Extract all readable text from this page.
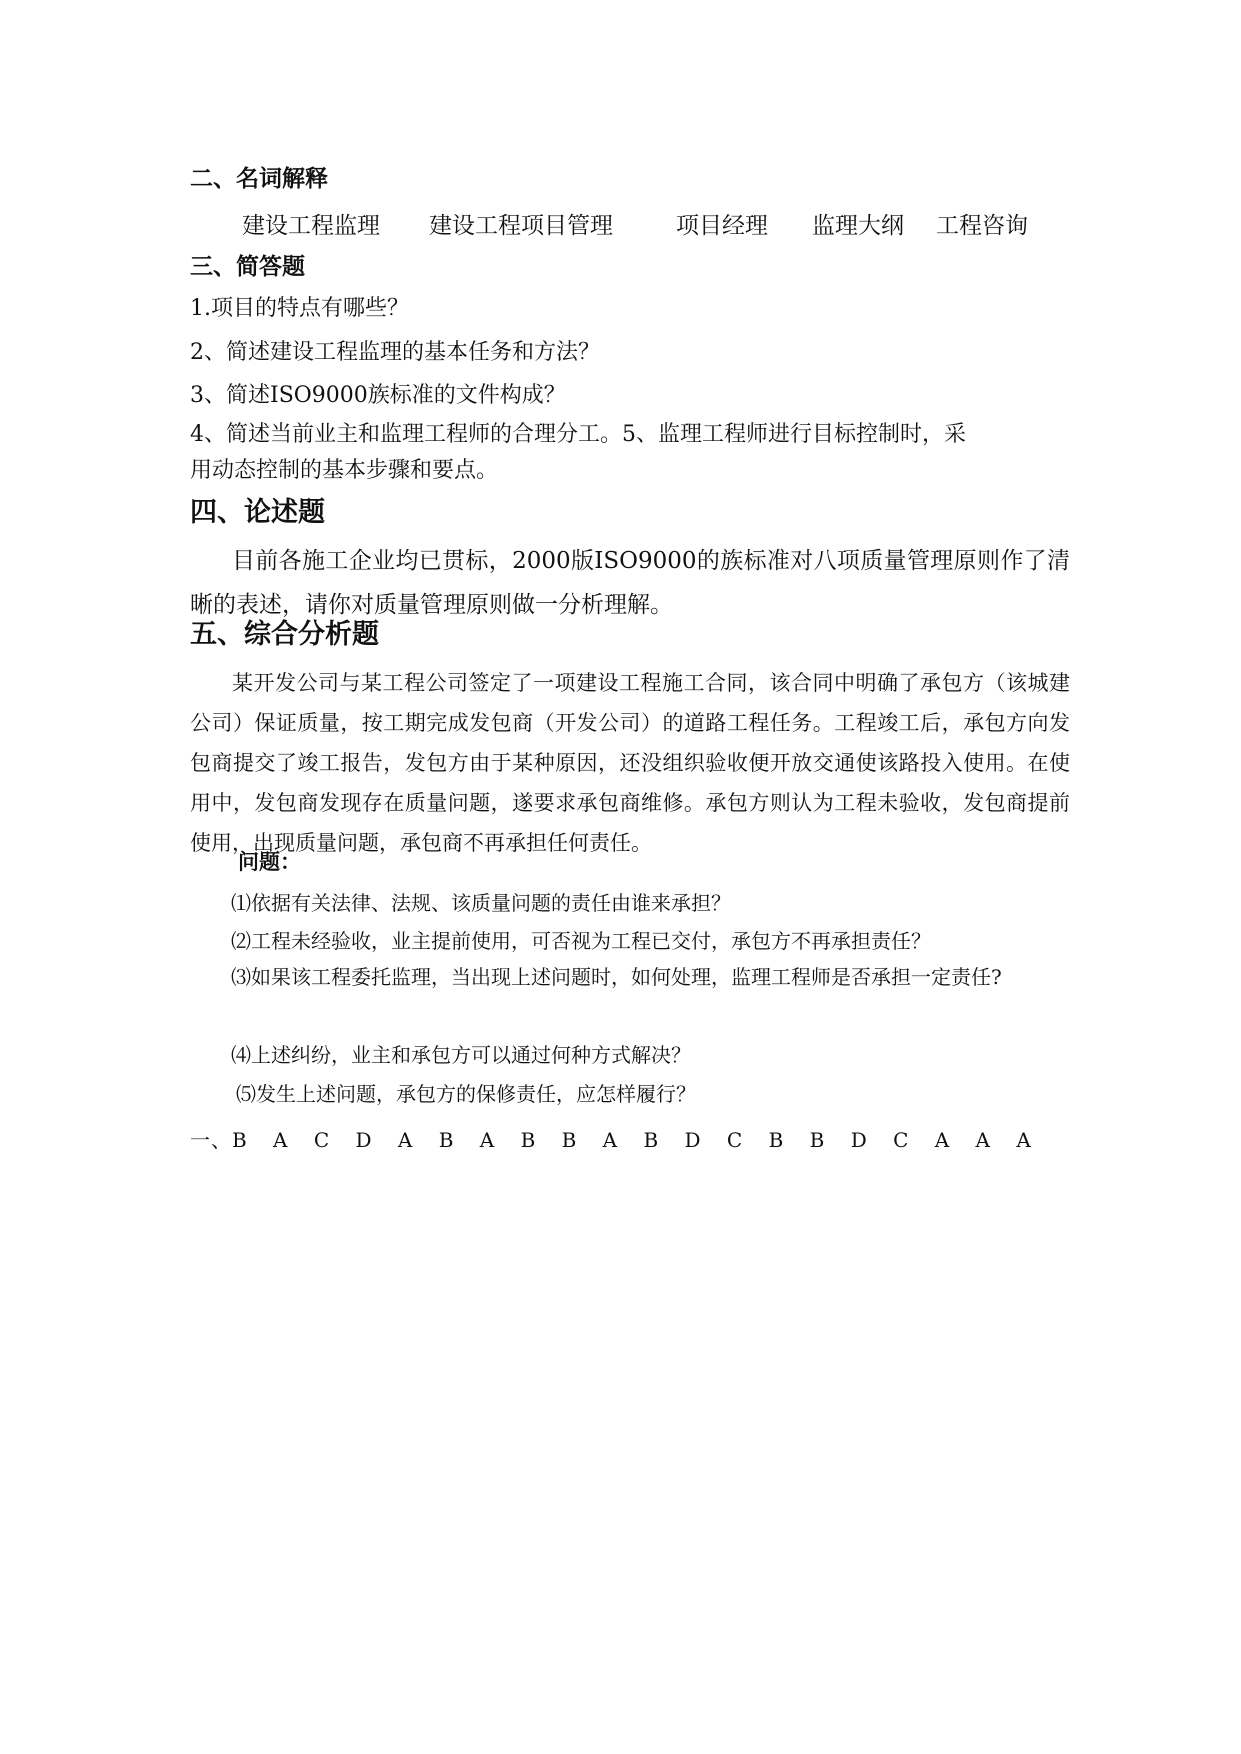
二、名词解释
建设工程监理 建设工程项目管理	项目经理 监理大纲 工程咨询
三、简答题
1.项目的特点有哪些？
2、简述建设工程监理的基本任务和方法？
3、简述ISO9000族标准的文件构成？
4、简述当前业主和监理工程师的合理分工。5、监理工程师进行目标控制时，采
用动态控制的基本步骤和要点。
四、论述题
目前各施工企业均已贯标，2000版ISO9000的族标准对八项质量管理原则作了清晰的表述，请你对质量管理原则做一分析理解。
五、综合分析题
某开发公司与某工程公司签定了一项建设工程施工合同，该合同中明确了承包方（该城建公司）保证质量，按工期完成发包商（开发公司）的道路工程任务。工程竣工后，承包方向发包商提交了竣工报告，发包方由于某种原因，还没组织验收便开放交通使该路投入使用。在使用中，发包商发现存在质量问题，遂要求承包商维修。承包方则认为工程未验收，发包商提前使用，出现质量问题，承包商不再承担任何责任。
问题：
⑴依据有关法律、法规、该质量问题的责任由谁来承担？
⑵工程未经验收，业主提前使用，可否视为工程已交付，承包方不再承担责任？
⑶如果该工程委托监理，当出现上述问题时，如何处理，监理工程师是否承担一定责任?
⑷上述纠纷，业主和承包方可以通过何种方式解决？
⑸发生上述问题，承包方的保修责任，应怎样履行？
一、B A C D A B A B B A B D C B B D C A A A
